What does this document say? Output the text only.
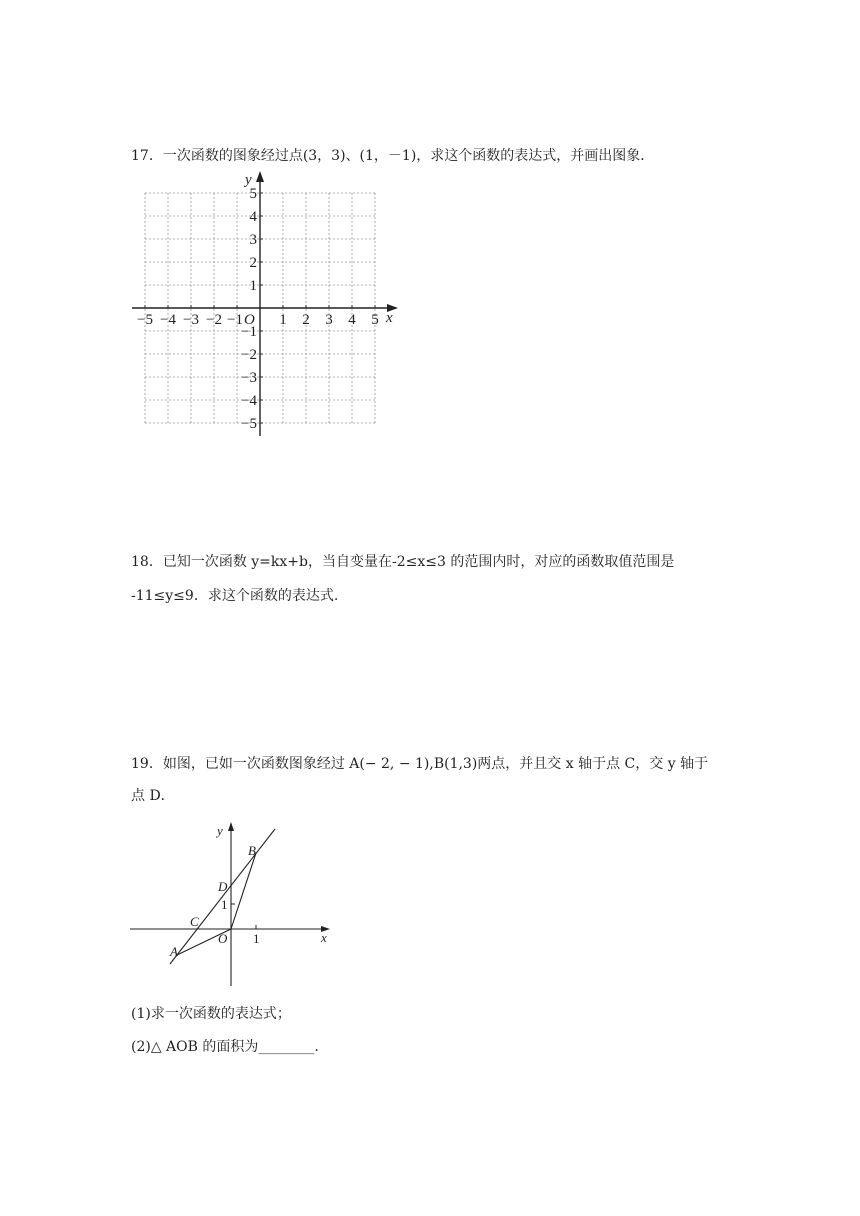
17．一次函数的图象经过点(3，3)、(1，－1)，求这个函数的表达式，并画出图象．
y
x
O
−5 −4 −3 −2 −1 1 2 3 4 5
5
4
3
2
1
−1
−2
−3
−4
−5
18．已知一次函数 y=kx+b，当自变量在-2≤x≤3 的范围内时，对应的函数取值范围是
-11≤y≤9．求这个函数的表达式.
19．如图，已如一次函数图象经过 A(− 2, − 1),B(1,3)两点，并且交 x 轴于点 C，交 y 轴于
点 D．
y
x
B
D
1
C
O 1
A
(1)求一次函数的表达式；
(2)△ AOB 的面积为________.
